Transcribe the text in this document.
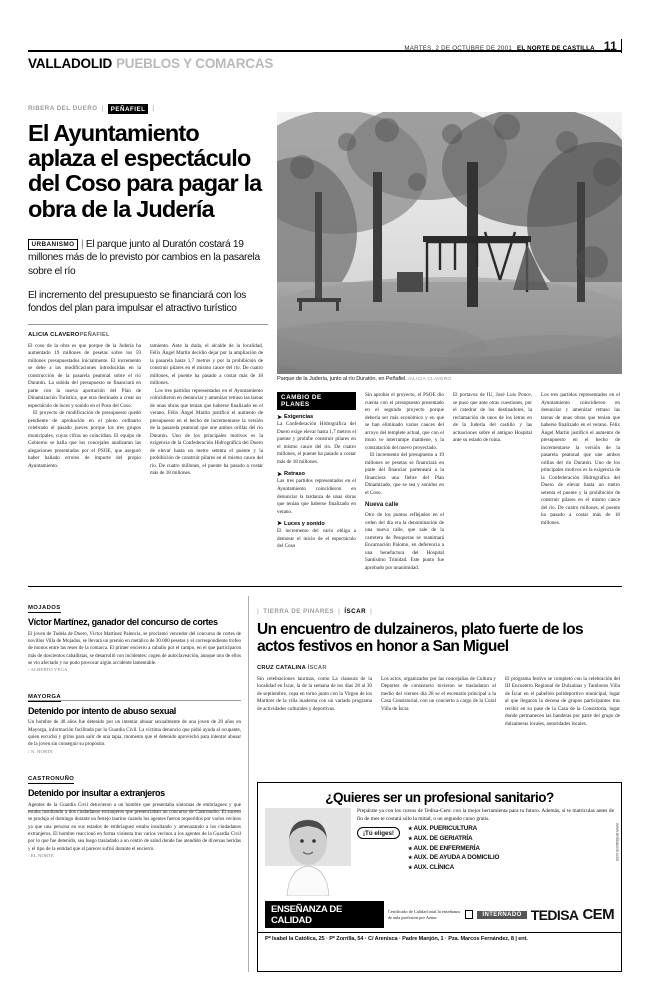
MARTES, 2 DE OCTUBRE DE 2001 EL NORTE DE CASTILLA 11
VALLADOLID PUEBLOS Y COMARCAS
RIBERA DEL DUERO |	PEÑAFIEL	|
El Ayuntamiento aplaza el espectáculo del Coso para pagar la obra de la Judería
URBANISMO | El parque junto al Duratón costará 19 millones más de lo previsto por cambios en la pasarela sobre el río
El incremento del presupuesto se financiará con los fondos del plan para impulsar el atractivo turístico
ALICIA CLAVEROPEÑAFIEL

El coso de la obra es que porque de la Judería ha aumentado 19 millones de pesetas sobre los 59 millones presupuestados inicialmente. El incremento se debe a las modificaciones introducidas en la construcción de la pasarela peatonal sobre el río Duratón. La subida del presupuesto se financiará en parte con la nueva aportación del Plan de Dinamización Turística, que otra destinado a crear un espectáculo de luces y sonido en el Poso del Coso.

El proyecto de modificación de presupuesto quedó pendiente de aprobación en el pleno ordinario celebrado el pasado jueves porque los tres grupos municipales, cuyas cifras no coincidían. El equipo de Gobierno se halla que los concejales analizaran las alegaciones presentadas por el PSOE, que aseguró haber hallado errores de importe del propio Ayuntamiento.

tamiento. Ante la duda, el alcalde de la localidad, Félix Ángel Martín decidió dejar por la ampliación de la pasarela hasta 1,7 metros y por la prohibición de construir pilares en el mismo cauce del río. De cuatro millones, el puente ha pasado a costar más de 18 millones.

Los tres partidos representados en el Ayuntamiento coincidieron en denunciar y amenizar retraso las tareas de unas obras que tenían que haberse finalizado en el verano. Félix Ángel Martín justificó el aumento de presupuesto en el hecho de incrementarse la versión de la pasarela peatonal que une ambos orillas del río Duratón. Uno de los principales motivos es la exigencia de la Confederación Hidrográfica del Duero de elevar hasta un metro setenta el puente y la prohibición de construir pilares en el mismo cauce del río. De cuatro millones, el puente ha pasado a costar más de 18 millones.

Parque de la Judería, junto al río Duratón, en Peñafiel. /ALICIA CLAVERO
CAMBIO DE PLANES
➤ Exigencias

La Confederación Hidrográfica del Duero exige elevar hasta 1,7 metros el puente y prohíbe construir pilares en el mismo cauce del río. De cuatro millones, el puente ha pasado a costar más de 18 millones.

➤ Retraso

Las tres partidos representados en el Ayuntamiento coincidieron en denunciar la tardanza de unas obras que tenían que haberse finalizado en verano.

➤ Luces y sonido

El incremento del varío obliga a demorar el inicio de el espectáculo del Coso

Sin aprobar el proyecto, el PSOE dio cuenta con el presupuesto presentado en el segundo proyecto porque debería ser más económico y en que se han eliminado varios cauces del arroyo del templete actual, que con el muro ve interrumpe mantiene, y la contratación del nuevo proyectado.

El incremento del presupuesto a 19 millones se pesetas se financiará en parte del financiar parteneará a la financiera una fiebre del Plan Dinamizado, que se sea y sonidos en el Coso.

Nueva calle

Otro de los puntos reflejados en el orden del día era la denominación de una nueva calle, que sale de la carretera de Pesqueras se reanimará Encarnación Palomo, en deferencia a una benefactora del Hospital Santísimo Trinidad. Este punto fue aprobado por unanimidad.

El portavoz de IU, José Luis Ponce, se puso que ante otras cuestiones, por el catedrar de los destinadores, la reclamación de unos de los letras en de la Judería del castillo y las actuaciones sobre el antiguo Hospital ante su estado de ruina.

Los tres partidos representados en el Ayuntamiento coincidieron en denunciar y amenizar retraso las tareas de unas obras que tenían que haberse finalizado en el verano. Félix Ángel Martín justificó el aumento de presupuesto en el hecho de incrementarse la versión de la pasarela peatonal que une ambos orillas del río Duratón. Uno de los principales motivos es la exigencia de la Confederación Hidrográfica del Duero de elevar hasta un metro setenta el puente y la prohibición de construir pilares en el mismo cauce del río. De cuatro millones, el puente ha pasado a costar más de 18 millones.

MOJADOS
Víctor Martínez, ganador del concurso de cortes

El joven de Tudela de Duero, Víctor Martínez Palencia, se proclamó vencedor del concurso de cortes de novillos Villa de Mojados, se llevará un premio en metálico de 30.000 pesetas y el correspondiente trofeo de monos entre las reses de la comarca. El primer encierro a caballo por el campo, en el que participaron más de doscientos caballistas, se desarrolló con incidentes: cogen de autoclaveación, aunque uno de ellos se vio afectado y no pudo provocar algún accidente lamentable.

/ ALBERTO VEGA
MAYORGA
Detenido por intento de abuso sexual

Un hombre de 48 años fue detenido por un intentar abusar sexualmente de una joven de 20 años en Mayorga, información facilitada por la Guardia Civil. La víctima denuncio que pidió ayuda al ocupante, quien escuchó y gritos para salir de una tapia, momento que el detenido aprovechó para intentar abusar de la joven sin conseguir su propósito.

/ N. NORTE
CASTRONUÑO
Detenido por insultar a extranjeros

Agentes de la Guardia Civil detuvieron a un hombre que presentaba síntomas de embriaguez y que estaba insultando a dos ciudadanos extranjeros que presenciaban un concurso de Castronuño. El suceso se produjo el domingo durante un festejo taurino cuando los agentes fueron requeridos por varios vecinos ya que una persona en sus estados de embriaguez estaba insultando y amenazando a los ciudadanos extranjeros. El hombre reaccionó en forma violenta tras varios vecinos a los agentes de la Guardia Civil por lo que fue detenido, sea luego trasladado a un centro de salud donde fue atendido de diversas heridas y el tipo de la entidad que al parecer sufrió durante el encierro.

/ EL NORTE
| TIERRA DE PINARES | ÍSCAR |
Un encuentro de dulzaineros, plato fuerte de los actos festivos en honor a San Miguel
CRUZ CATALINA ÍSCAR

Sin celebraciones taurinas, como La clausura de la localidad en Íscar, la de la semana de los días 28 al 30 de septiembre, copa en torno junto con la Virgen de los Martires de la villa inaderna con un variado programa de actividades culturales y deportivas.

Los actos, organizados por las concejalías de Cultura y Deportes de consistorio tuvieron se trasladaron al medio del viernes día 28 se el escenario principal a la Casa Consistorial, con un concierto a cargo de la Coral Villa de Íscar.

El programa festivo se completó con la celebración del III Encuentro Regional de Dulzainas y Tambores Villa de Íscar en el pabellón polideportivo municipal, lugar al que llegaron la decena de grupos participantes tras recibir en su pase de la Casa de la Consistoria, lugar donde permanecen las banderas por parte del grupo de dulzaineras locales, autoridades locales.

¿Quieres ser un profesional sanitario?
Prepárate ya con los cursos de Tedisa-Cem: con la mejor herramienta para tu futuro. Además, si te matriculas antes de fin de mes te costará sólo la mitad, o un segundo curso gratis.
¡Tú eliges!
★ AUX. PUERICULTURA
★ AUX. DE GERIATRÍA
★ AUX. DE ENFERMERÍA
★ AUX. DE AYUDA A DOMICILIO
★ AUX. CLÍNICA
ENSEÑANZA DE CALIDAD
Certificado de Calidad total la enseñanza de aula profesión por Aenor	INTERNADO TEDISA CEM
Pº Isabel la Católica, 25 · Pº Zorrilla, 54 · C/ Arenisca · Padre Manjón, 1 · Pza. Marcos Fernández, 8 | ent.
www.tedisacem.com
